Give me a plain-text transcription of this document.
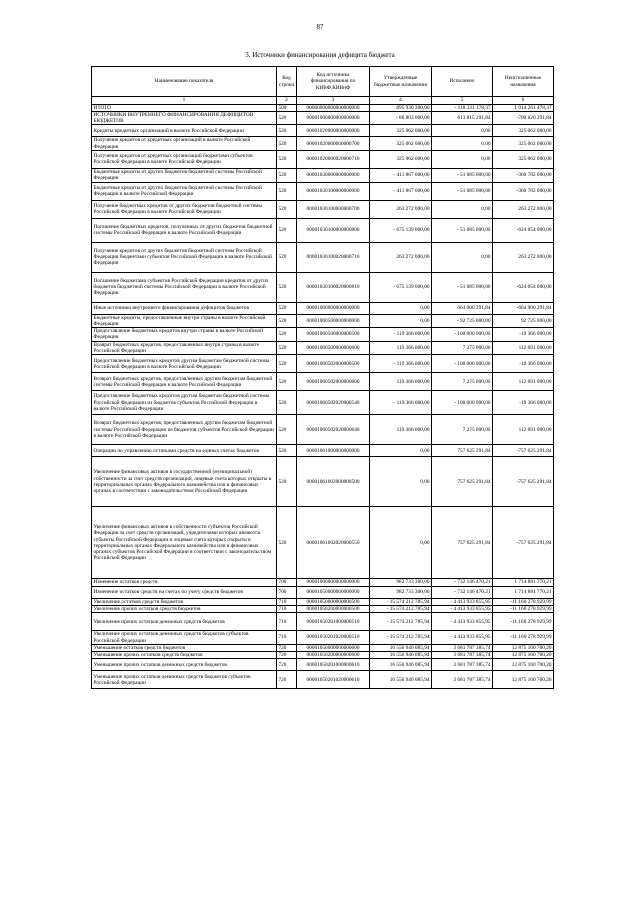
87
3. Источники финансирования дефицита бюджета
Наименование показателя	Код строки	Код источника финансирования по КИВФ,КИВнФ	Утвержденные бюджетные назначения	Исполнено	Неисполненные назначения
1	2	3	4	5	6
ИТОГО	500	00000000000000000000	895 930 300,00	- 118 331 178,37	1 014 261 478,37
ИСТОЧНИКИ ВНУТРЕННЕГО ФИНАНСИРОВАНИЯ ДЕФИЦИТОВ БЮДЖЕТОВ	520	00001000000000000000	- 86 803 000,00	613 815 291,84	-700 620 291,84
Кредиты кредитных организаций в валюте Российской Федерации	520	00001020000000000000	325 062 000,00	0,00	325 062 000,00
Получение кредитов от кредитных организаций в валюте Российской Федерации	520	00001020000000000700	325 062 000,00	0,00	325 062 000,00
Получение кредитов от кредитных организаций бюджетами субъектов Российской Федерации в валюте Российской Федерации	520	00001020000020000710	325 062 000,00	0,00	325 062 000,00
Бюджетные кредиты от других бюджетов бюджетной системы Российской Федерации	520	00001030000000000000	- 411 867 000,00	- 51 085 000,00	-360 782 000,00
Бюджетные кредиты от других бюджетов бюджетной системы Российской Федерации в валюте Российской Федерации	520	00001030100000000000	- 411 867 000,00	- 51 085 000,00	-360 782 000,00
Получение бюджетных кредитов от других бюджетов бюджетной системы Российской Федерации в валюте Российской Федерации	520	00001030100000000700	263 272 000,00	0,00	263 272 000,00
Погашение бюджетных кредитов, полученных от других бюджетов бюджетной системы Российской Федерации в валюте Российской Федерации	520	00001030100000000800	- 675 139 000,00	- 51 085 000,00	-624 054 000,00
Получение кредитов от других бюджетов бюджетной системы Российской Федерации бюджетами субъектов Российской Федерации в валюте Российской Федерации	520	00001030100020000710	263 272 000,00	0,00	263 272 000,00
Погашение бюджетами субъектов Российской Федерации кредитов от других бюджетов бюджетной системы Российской Федерации в валюте Российской Федерации	520	00001030100020000810	- 675 139 000,00	- 51 085 000,00	-624 054 000,00
Иные источники внутреннего финансирования дефицитов бюджетов	520	00001060000000000000	0,00	664 900 291,84	-664 900 291,84
Бюджетные кредиты, предоставленные внутри страны в валюте Российской Федерации	520	00001060500000000000	0,00	- 92 725 000,00	92 725 000,00
Предоставление бюджетных кредитов внутри страны в валюте Российской Федерации	520	00001060500000000500	- 119 366 000,00	- 100 000 000,00	-19 366 000,00
Возврат бюджетных кредитов, предоставленных внутри страны в валюте Российской Федерации	520	00001060500000000600	119 366 000,00	7 275 000,00	112 091 000,00
Предоставление бюджетных кредитов другим бюджетам бюджетной системы Российской Федерации в валюте Российской Федерации	520	00001060502000000500	- 119 366 000,00	- 100 000 000,00	-19 366 000,00
Возврат бюджетных кредитов, предоставленных другим бюджетам бюджетной системы Российской Федерации в валюте Российской Федерации	520	00001060502000000600	119 366 000,00	7 275 000,00	112 091 000,00
Предоставление бюджетных кредитов другим бюджетам бюджетной системы Российской Федерации из бюджетов субъектов Российской Федерации в валюте Российской Федерации	520	00001060502020000540	- 119 366 000,00	- 100 000 000,00	-19 366 000,00
Возврат бюджетных кредитов, предоставленных другим бюджетам бюджетной системы Российской Федерации из бюджетов субъектов Российской Федерации в валюте Российской Федерации	520	00001060502020000640	119 366 000,00	7 275 000,00	112 091 000,00
Операции по управлению остатками средств на единых счетах бюджетов	520	00001061000000000000	0,00	757 625 291,84	-757 625 291,84
Увеличение финансовых активов в государственной (муниципальной) собственности за счет средств организаций, лицевые счета которых открыты в территориальных органах Федерального казначейства или в финансовых органах в соответствии с законодательством Российской Федерации	520	00001061002000000500	0,00	757 625 291,84	-757 625 291,84
Увеличение финансовых активов в собственности субъектов Российской Федерации за счет средств организаций, учредителями которых являются субъекты Российской Федерации и лицевые счета которых открыты в территориальных органах Федерального казначейства или в финансовых органах субъектов Российской Федерации в соответствии с законодательством Российской Федерации	520	00001061002020000550	0,00	757 625 291,84	-757 625 291,84
Изменение остатков средств	700	00001000000000000000	982 733 300,00	- 732 146 470,21	1 714 881 770,21
Изменение остатков средств на счетах по учету средств бюджетов	700	00001050000000000000	982 733 300,00	- 732 146 470,21	1 714 881 770,21
Увеличение остатков средств бюджетов	710	00001050000000000500	- 15 574 212 785,94	- 4 413 933 855,95	-11 160 278 929,99
Увеличение прочих остатков средств бюджетов	710	00001050200000000500	- 15 574 212 785,94	- 4 413 933 855,95	-11 160 278 929,99
Увеличение прочих остатков денежных средств бюджетов	710	00001050201000000510	- 15 574 212 785,94	- 4 413 933 855,95	-11 160 278 929,99
Увеличение прочих остатков денежных средств бюджетов субъектов Российской Федерации	710	00001050201020000510	- 15 574 212 785,94	- 4 413 933 855,95	-11 160 278 929,99
Уменьшение остатков средств бюджетов	720	00001050000000000600	16 556 946 085,94	3 681 787 385,74	12 875 160 700,20
Уменьшение прочих остатков средств бюджетов	720	00001050200000000600	16 556 946 085,94	3 681 787 385,74	12 875 160 700,20
Уменьшение прочих остатков денежных средств бюджетов	720	00001050201000000610	16 556 946 085,94	3 681 787 385,74	12 875 160 700,20
Уменьшение прочих остатков денежных средств бюджетов субъектов Российской Федерации	720	00001050201020000610	16 556 946 085,94	3 681 787 385,74	12 875 160 700,20
